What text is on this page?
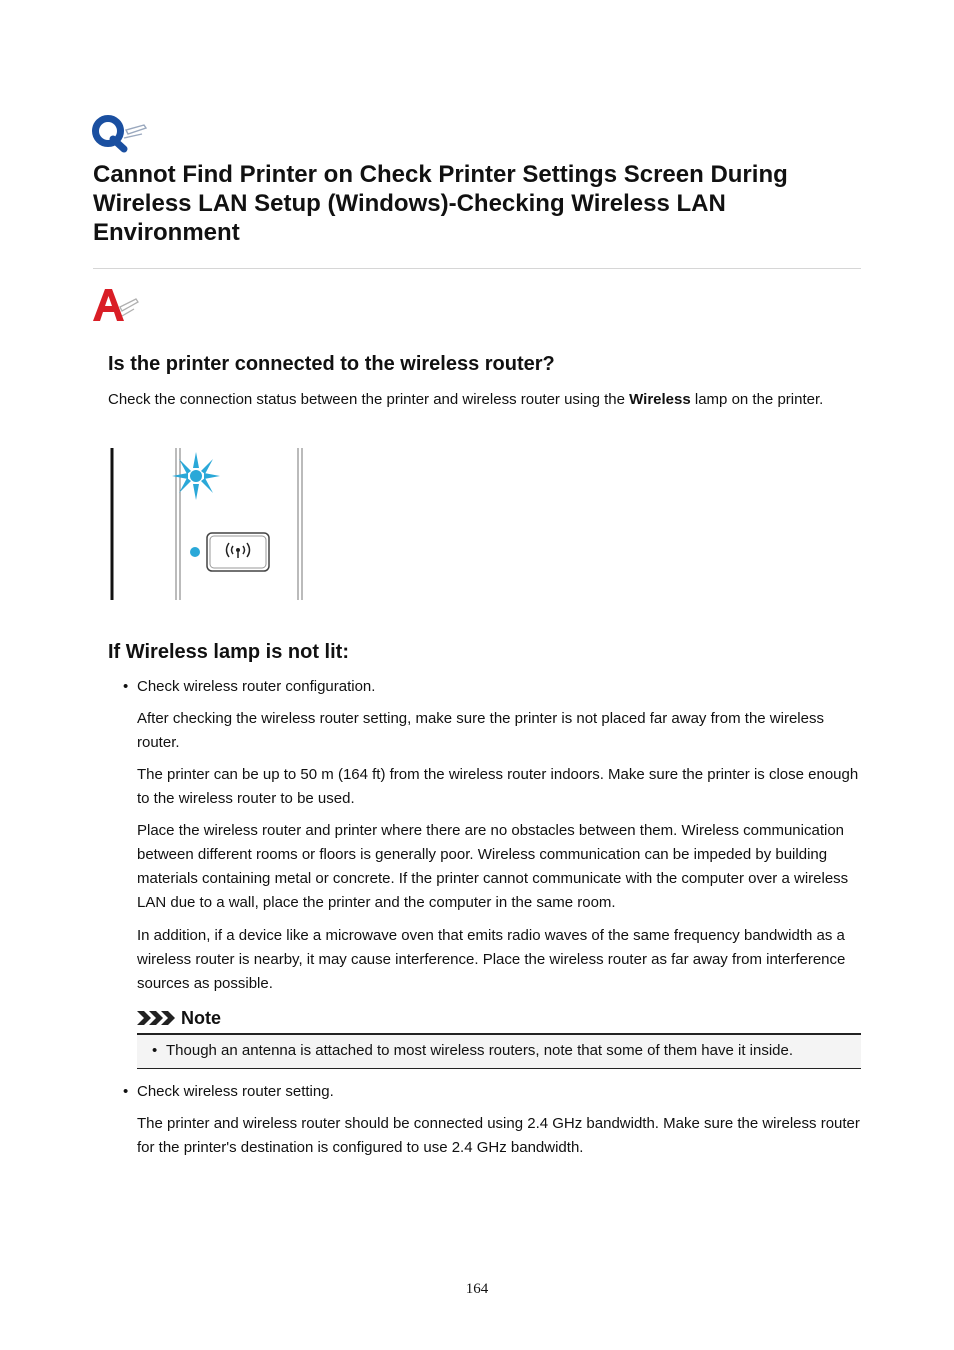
Cannot Find Printer on Check Printer Settings Screen During Wireless LAN Setup (Windows)-Checking Wireless LAN Environment
Is the printer connected to the wireless router?

Check the connection status between the printer and wireless router using the Wireless lamp on the printer.

If Wireless lamp is not lit:
• Check wireless router configuration.

After checking the wireless router setting, make sure the printer is not placed far away from the wireless router.

The printer can be up to 50 m (164 ft) from the wireless router indoors. Make sure the printer is close enough to the wireless router to be used.

Place the wireless router and printer where there are no obstacles between them. Wireless communication between different rooms or floors is generally poor. Wireless communication can be impeded by building materials containing metal or concrete. If the printer cannot communicate with the computer over a wireless LAN due to a wall, place the printer and the computer in the same room.

In addition, if a device like a microwave oven that emits radio waves of the same frequency bandwidth as a wireless router is nearby, it may cause interference. Place the wireless router as far away from interference sources as possible.

Note
• Though an antenna is attached to most wireless routers, note that some of them have it inside.
• Check wireless router setting.

The printer and wireless router should be connected using 2.4 GHz bandwidth. Make sure the wireless router for the printer's destination is configured to use 2.4 GHz bandwidth.

164
